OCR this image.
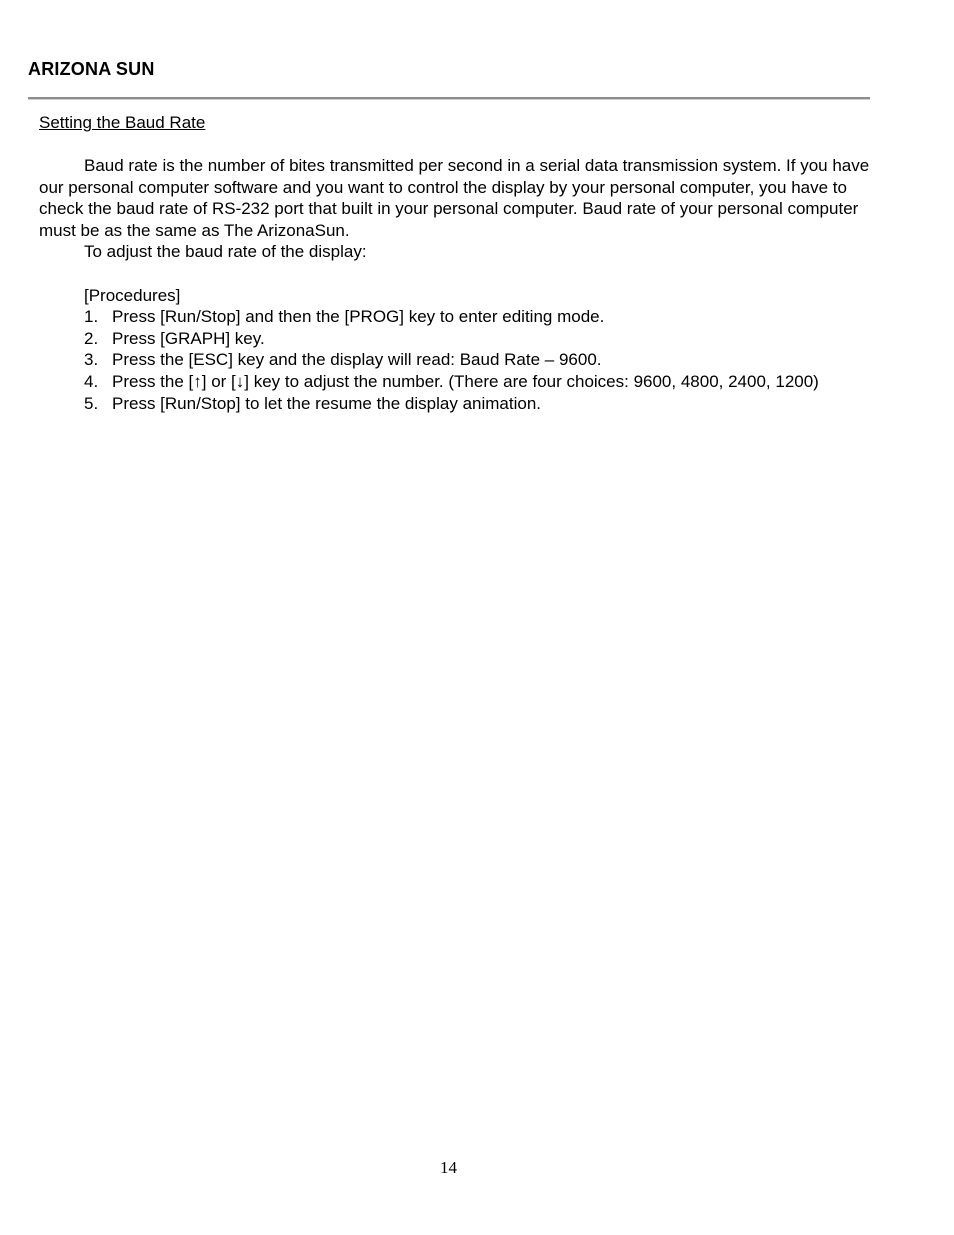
ARIZONA SUN
Setting the Baud Rate

Baud rate is the number of bites transmitted per second in a serial data transmission system. If you have our personal computer software and you want to control the display by your personal computer, you have to check the baud rate of RS-232 port that built in your personal computer. Baud rate of your personal computer must be as the same as The ArizonaSun.

To adjust the baud rate of the display:

[Procedures]

1. Press [Run/Stop] and then the [PROG] key to enter editing mode.
2. Press [GRAPH] key.
3. Press the [ESC] key and the display will read: Baud Rate – 9600.
4. Press the [↑] or [↓] key to adjust the number. (There are four choices: 9600, 4800, 2400, 1200)
5. Press [Run/Stop] to let the resume the display animation.
14
